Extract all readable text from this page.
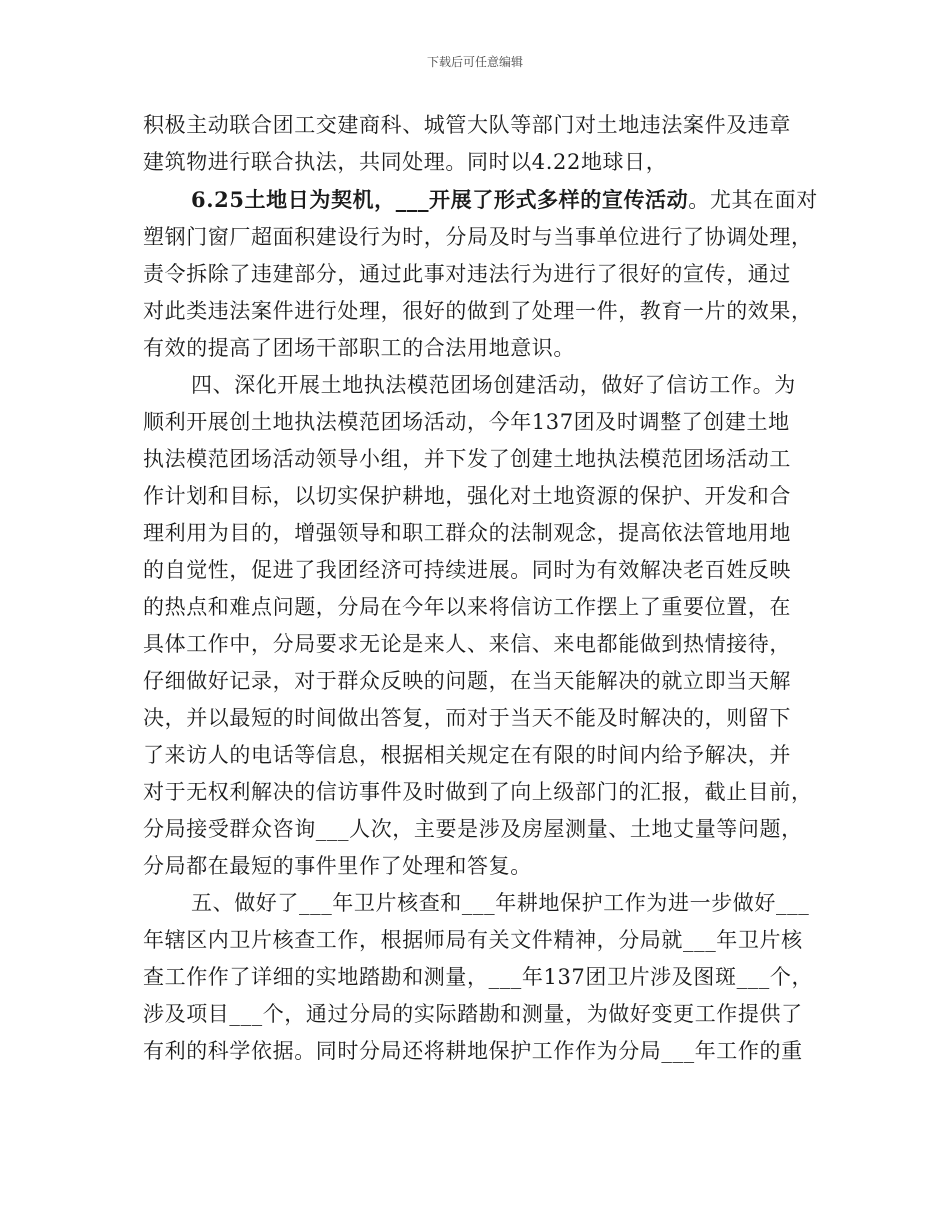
下载后可任意编辑
积极主动联合团工交建商科、城管大队等部门对土地违法案件及违章
建筑物进行联合执法，共同处理。同时以4.22地球日，
6.25土地日为契机，___开展了形式多样的宣传活动。尤其在面对
塑钢门窗厂超面积建设行为时，分局及时与当事单位进行了协调处理，
责令拆除了违建部分，通过此事对违法行为进行了很好的宣传，通过
对此类违法案件进行处理，很好的做到了处理一件，教育一片的效果，
有效的提高了团场干部职工的合法用地意识。
四、深化开展土地执法模范团场创建活动，做好了信访工作。为
顺利开展创土地执法模范团场活动，今年137团及时调整了创建土地
执法模范团场活动领导小组，并下发了创建土地执法模范团场活动工
作计划和目标，以切实保护耕地，强化对土地资源的保护、开发和合
理利用为目的，增强领导和职工群众的法制观念，提高依法管地用地
的自觉性，促进了我团经济可持续进展。同时为有效解决老百姓反映
的热点和难点问题，分局在今年以来将信访工作摆上了重要位置，在
具体工作中，分局要求无论是来人、来信、来电都能做到热情接待，
仔细做好记录，对于群众反映的问题，在当天能解决的就立即当天解
决，并以最短的时间做出答复，而对于当天不能及时解决的，则留下
了来访人的电话等信息，根据相关规定在有限的时间内给予解决，并
对于无权利解决的信访事件及时做到了向上级部门的汇报，截止目前，
分局接受群众咨询___人次，主要是涉及房屋测量、土地丈量等问题，
分局都在最短的事件里作了处理和答复。
五、做好了___年卫片核查和___年耕地保护工作为进一步做好___
年辖区内卫片核查工作，根据师局有关文件精神，分局就___年卫片核
查工作作了详细的实地踏勘和测量，___年137团卫片涉及图斑___个，
涉及项目___个，通过分局的实际踏勘和测量，为做好变更工作提供了
有利的科学依据。同时分局还将耕地保护工作作为分局___年工作的重
